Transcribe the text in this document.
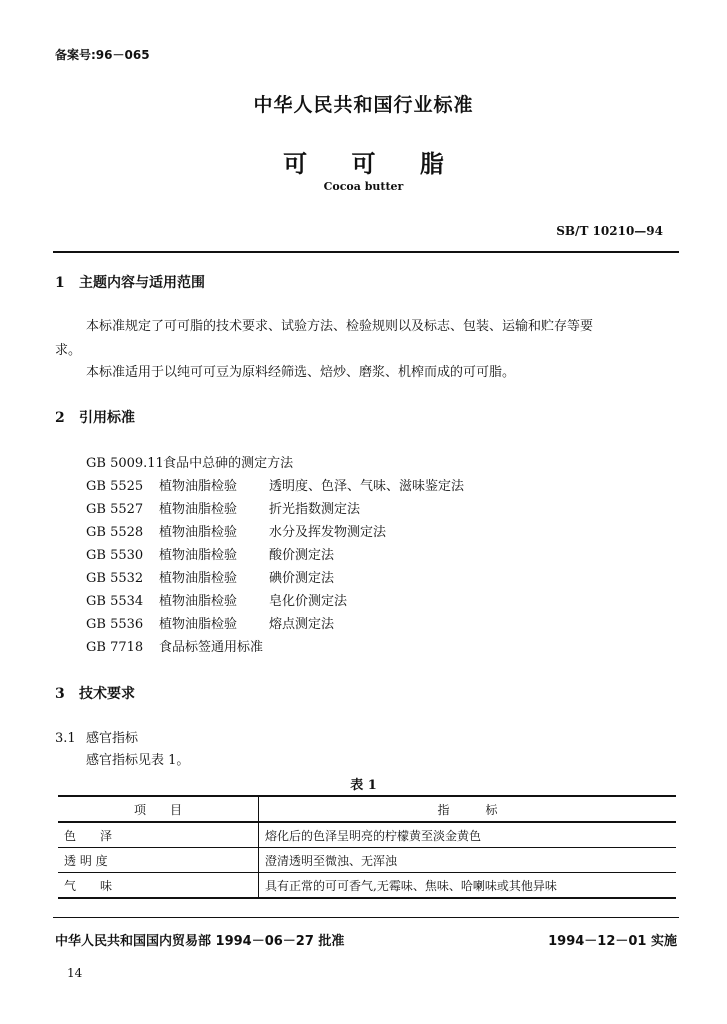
备案号:96－065
中华人民共和国行业标准
可 可 脂
Cocoa butter
SB/T 10210—94
1 主题内容与适用范围
本标准规定了可可脂的技术要求、试验方法、检验规则以及标志、包装、运输和贮存等要
求。
本标准适用于以纯可可豆为原料经筛选、焙炒、磨浆、机榨而成的可可脂。
2 引用标准
GB 5009.11 食品中总砷的测定方法
GB 5525 植物油脂检验 透明度、色泽、气味、滋味鉴定法
GB 5527 植物油脂检验 折光指数测定法
GB 5528 植物油脂检验 水分及挥发物测定法
GB 5530 植物油脂检验 酸价测定法
GB 5532 植物油脂检验 碘价测定法
GB 5534 植物油脂检验 皂化价测定法
GB 5536 植物油脂检验 熔点测定法
GB 7718 食品标签通用标准
3 技术要求
3.1 感官指标
感官指标见表 1。
表 1
项　　目	指　　　标
色　　泽	熔化后的色泽呈明亮的柠檬黄至淡金黄色
透 明 度	澄清透明至微浊、无浑浊
气　　味	具有正常的可可香气,无霉味、焦味、哈喇味或其他异味
中华人民共和国国内贸易部 1994－06－27 批准	1994－12－01 实施
14
